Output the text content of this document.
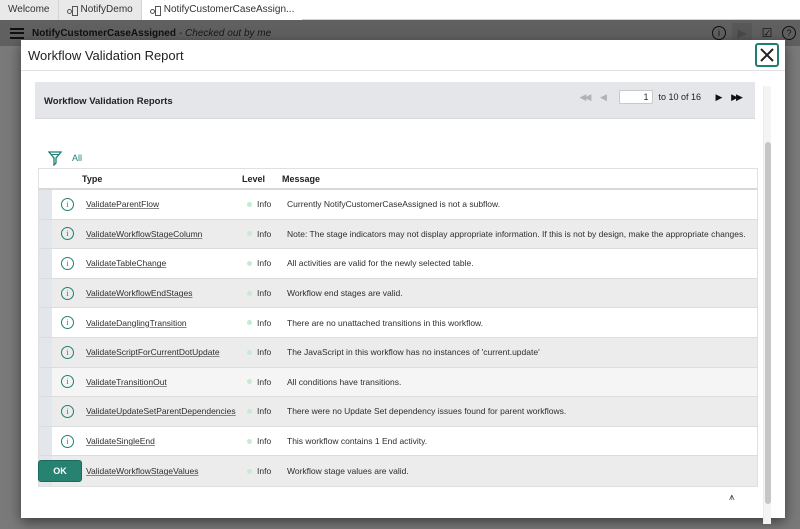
Welcome	NotifyDemo	NotifyCustomerCaseAssign...
Workflow Validation Report
Workflow Validation Reports	◀◀	◀	1	to 10 of 16	▶	▶▶
All
Type	Level	Message
i	ValidateParentFlow	Info Currently NotifyCustomerCaseAssigned is not a subflow.
i	ValidateWorkflowStageColumn	Info Note: The stage indicators may not display appropriate information. If this is not by design, make the appropriate changes.
i	ValidateTableChange	Info All activities are valid for the newly selected table.
i	ValidateWorkflowEndStages	Info Workflow end stages are valid.
i	ValidateDanglingTransition	Info There are no unattached transitions in this workflow.
i	ValidateScriptForCurrentDotUpdate	Info The JavaScript in this workflow has no instances of 'current.update'
i	ValidateTransitionOut	Info All conditions have transitions.
i	ValidateUpdateSetParentDependencies	Info There were no Update Set dependency issues found for parent workflows.
i	ValidateSingleEnd	Info This workflow contains 1 End activity.
ValidateWorkflowStageValues	Info Workflow stage values are valid.
OK
⩚
